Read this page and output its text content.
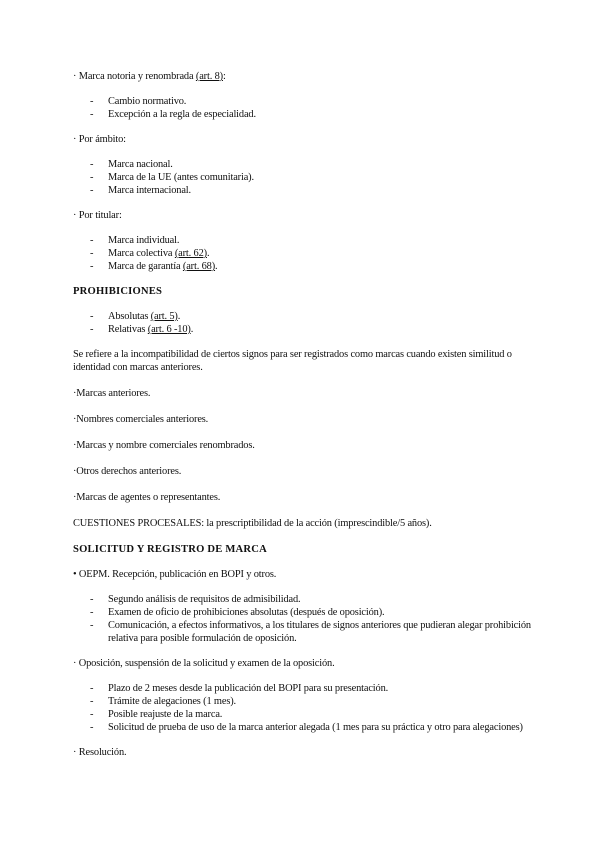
· Marca notoria y renombrada (art. 8):

- Cambio normativo.
- Excepción a la regla de especialidad.

· Por ámbito:

- Marca nacional.
- Marca de la UE (antes comunitaria).
- Marca internacional.

· Por titular:

- Marca individual.
- Marca colectiva (art. 62).
- Marca de garantía (art. 68).
PROHIBICIONES
- Absolutas (art. 5).
- Relativas (art. 6 -10).

Se refiere a la incompatibilidad de ciertos signos para ser registrados como marcas cuando existen similitud o identidad con marcas anteriores.

·Marcas anteriores.

·Nombres comerciales anteriores.

·Marcas y nombre comerciales renombrados.

·Otros derechos anteriores.

·Marcas de agentes o representantes.

CUESTIONES PROCESALES: la prescriptibilidad de la acción (imprescindible/5 años).

SOLICITUD Y REGISTRO DE MARCA

• OEPM. Recepción, publicación en BOPI y otros.

- Segundo análisis de requisitos de admisibilidad.
- Examen de oficio de prohibiciones absolutas (después de oposición).
- Comunicación, a efectos informativos, a los titulares de signos anteriores que pudieran alegar prohibición relativa para posible formulación de oposición.

· Oposición, suspensión de la solicitud y examen de la oposición.

- Plazo de 2 meses desde la publicación del BOPI para su presentación.
- Trámite de alegaciones (1 mes).
- Posible reajuste de la marca.
- Solicitud de prueba de uso de la marca anterior alegada (1 mes para su práctica y otro para alegaciones)

· Resolución.
